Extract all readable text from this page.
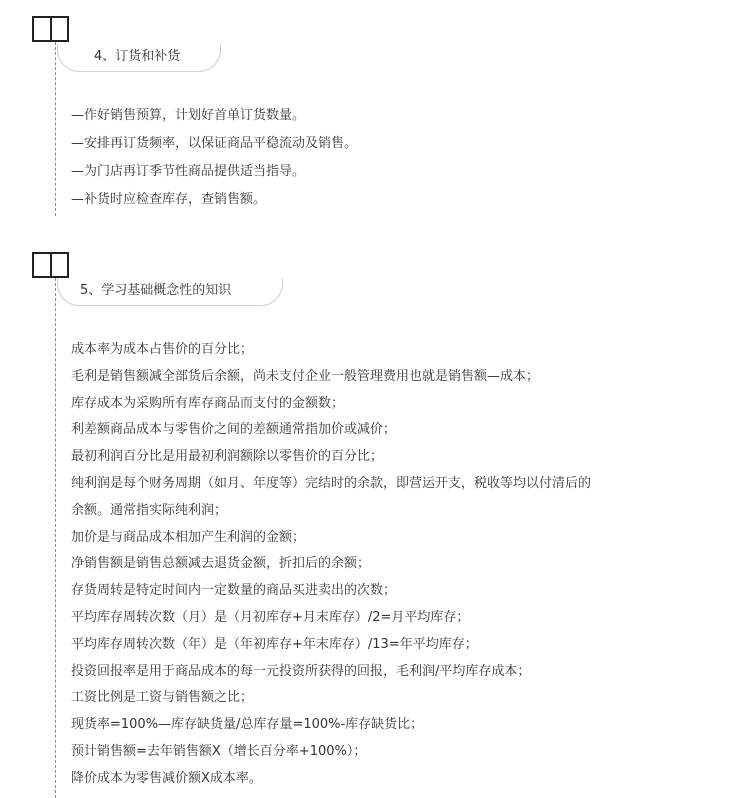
4、订货和补货
—作好销售预算，计划好首单订货数量。
—安排再订货频率，以保证商品平稳流动及销售。
—为门店再订季节性商品提供适当指导。
—补货时应检查库存，查销售额。
5、学习基础概念性的知识
成本率为成本占售价的百分比；
毛利是销售额减全部货后余额，尚未支付企业一般管理费用也就是销售额—成本；
库存成本为采购所有库存商品而支付的金额数；
利差额商品成本与零售价之间的差额通常指加价或减价；
最初利润百分比是用最初利润额除以零售价的百分比；
纯利润是每个财务周期（如月、年度等）完结时的余款，即营运开支，税收等均以付清后的
余额。通常指实际纯利润；
加价是与商品成本相加产生利润的金额；
净销售额是销售总额减去退货金额，折扣后的余额；
存货周转是特定时间内一定数量的商品买进卖出的次数；
平均库存周转次数（月）是（月初库存+月末库存）/2=月平均库存；
平均库存周转次数（年）是（年初库存+年末库存）/13=年平均库存；
投资回报率是用于商品成本的每一元投资所获得的回报，毛利润/平均库存成本；
工资比例是工资与销售额之比；
现货率=100%—库存缺货量/总库存量=100%-库存缺货比；
预计销售额=去年销售额X（增长百分率+100%）；
降价成本为零售减价额X成本率。
